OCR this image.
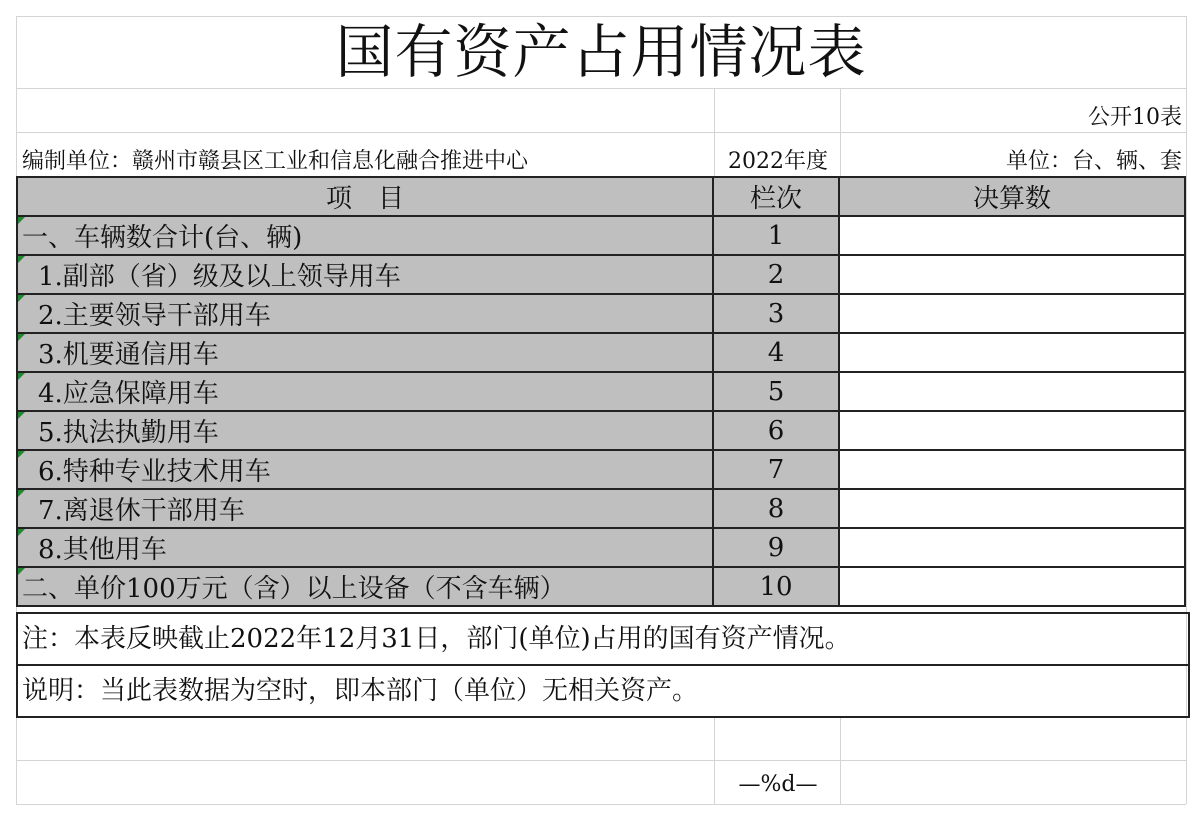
国有资产占用情况表
公开10表
编制单位：赣州市赣县区工业和信息化融合推进中心	2022年度	单位：台、辆、套
项　目	栏次	决算数

一、车辆数合计(台、辆)	1	

1.副部（省）级及以上领导用车	2	

2.主要领导干部用车	3	

3.机要通信用车	4	

4.应急保障用车	5	

5.执法执勤用车	6	

6.特种专业技术用车	7	

7.离退休干部用车	8	

8.其他用车	9	

二、单价100万元（含）以上设备（不含车辆）	10	
注：本表反映截止2022年12月31日，部门(单位)占用的国有资产情况。
说明：当此表数据为空时，即本部门（单位）无相关资产。
—%d—
